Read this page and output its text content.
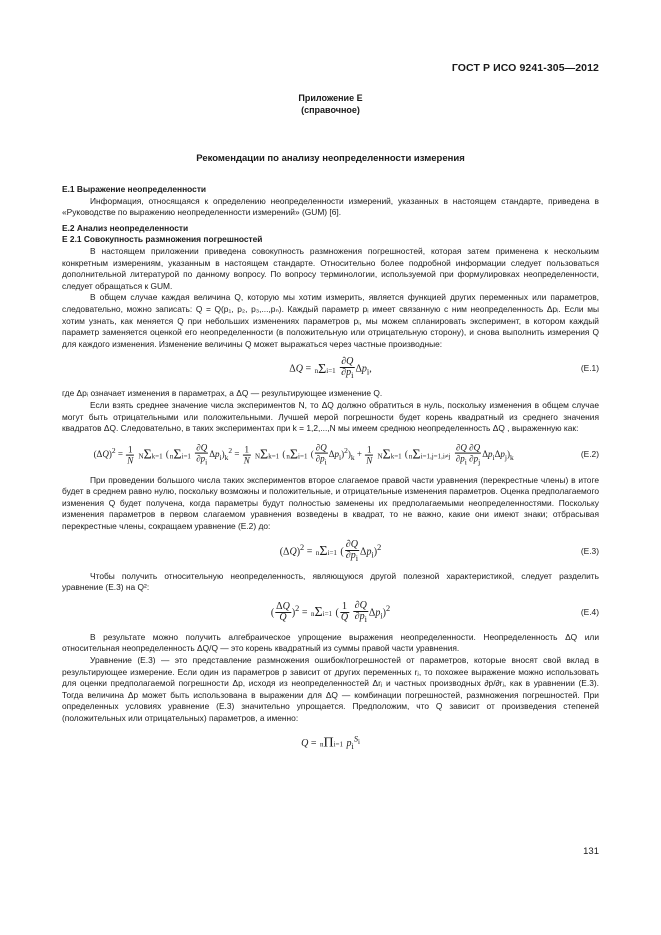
ГОСТ Р ИСО 9241-305—2012
Приложение Е
(справочное)
Рекомендации по анализу неопределенности измерения

Е.1 Выражение неопределенности

Информация, относящаяся к определению неопределенности измерений, указанных в настоящем стандарте, приведена в «Руководстве по выражению неопределенности измерений» (GUM) [6].

Е.2 Анализ неопределенности

Е 2.1 Совокупность размножения погрешностей

В настоящем приложении приведена совокупность размножения погрешностей, которая затем применена к нескольким конкретным измерениям, указанным в настоящем стандарте. Относительно более подробной информации следует пользоваться дополнительной литературой по данному вопросу. По вопросу терминологии, используемой при формулировках неопределенности, следует обращаться к GUM.

В общем случае каждая величина Q, которую мы хотим измерить, является функцией других переменных или параметров, следовательно, можно записать: Q = Q(p₁, p₂, p₃,...,pₙ). Каждый параметр pᵢ имеет связанную с ним неопределенность Δpᵢ. Если мы хотим узнать, как меняется Q при небольших изменениях параметров pᵢ, мы можем спланировать эксперимент, в котором каждый параметр заменяется оценкой его неопределенности (в положительную или отрицательную сторону), и снова выполнить измерения Q для каждого изменения. Изменение величины Q может выражаться через частные производные:

$\Delta Q = n\Sigma i=1 \frac{\partial Q}{\partial p_i} \Delta p_i$,	(Е.1)

где Δpᵢ означает изменения в параметрах, а ΔQ — результирующее изменение Q.

Если взять среднее значение числа экспериментов N, то ΔQ должно обратиться в нуль, поскольку изменения в общем случае могут быть отрицательными или положительными. Лучшей мерой погрешности будет корень квадратный из среднего значения квадратов ΔQ. Следовательно, в таких экспериментах при k = 1,2,...,N мы имеем среднюю неопределенность ΔQ , выраженную как:

$(\Delta Q)^2 = \frac{1}{N} N\Sigma k=1$ $(n\Sigma i=1 \frac{\partial Q}{\partial p_i} \Delta p_i)_k^2 = \frac{1}{N} N\Sigma k=1$ (nΣi=1 ( $\frac{\partial Q}{\partial p_i} \Delta p_i)^2)_k + \frac{1}{N} N\Sigma k=1$ $(n\Sigma i=1,j=1,i\ne j \frac{\partial Q \partial Q}{\partial p_i \partial p_j} \Delta p_i\Delta p_j)_k$	(Е.2)

При проведении большого числа таких экспериментов второе слагаемое правой части уравнения (перекрестные члены) в итоге будет в среднем равно нулю, поскольку возможны и положительные, и отрицательные изменения параметров. Оценка предполагаемого изменения Q будет получена, когда параметры будут полностью заменены их предполагаемыми неопределенностями. Поскольку изменения параметров в первом слагаемом уравнения возведены в квадрат, то не важно, какие они имеют знаки; отбрасывая перекрестные члены, сокращаем уравнение (Е.2) до:

$(\Delta Q)^2 = n\Sigma i=1$ ( $\frac{\partial Q}{\partial p_i} \Delta p_i)^2$	(Е.3)

Чтобы получить относительную неопределенность, являющуюся другой полезной характеристикой, следует разделить уравнение (Е.3) на Q²:

( $\frac{\Delta Q}{Q} )^2 = n\Sigma i=1$ ( $\frac{1}{Q}$
$\frac{\partial Q}{\partial p_i} \Delta p_i)^2$	(Е.4)

В результате можно получить алгебраическое упрощение выражения неопределенности. Неопределенность ΔQ или относительная неопределенность ΔQ/Q — это корень квадратный из суммы правой части уравнения.

Уравнение (Е.3) — это представление размножения ошибок/погрешностей от параметров, которые вносят свой вклад в результирующее измерение. Если один из параметров p зависит от других переменных rⱼ, то похожее выражение можно использовать для оценки предполагаемой погрешности Δp, исходя из неопределенностей Δrⱼ и частных производных ∂p/∂rⱼ, как в уравнении (Е.3). Тогда величина Δp может быть использована в выражении для ΔQ — комбинации погрешностей, размножения погрешностей. При определенных условиях уравнение (Е.3) значительно упрощается. Предположим, что Q зависит от произведения степеней (положительных или отрицательных) параметров, а именно:

Q = nΠi=1 $p_i^{S_i}$
131
